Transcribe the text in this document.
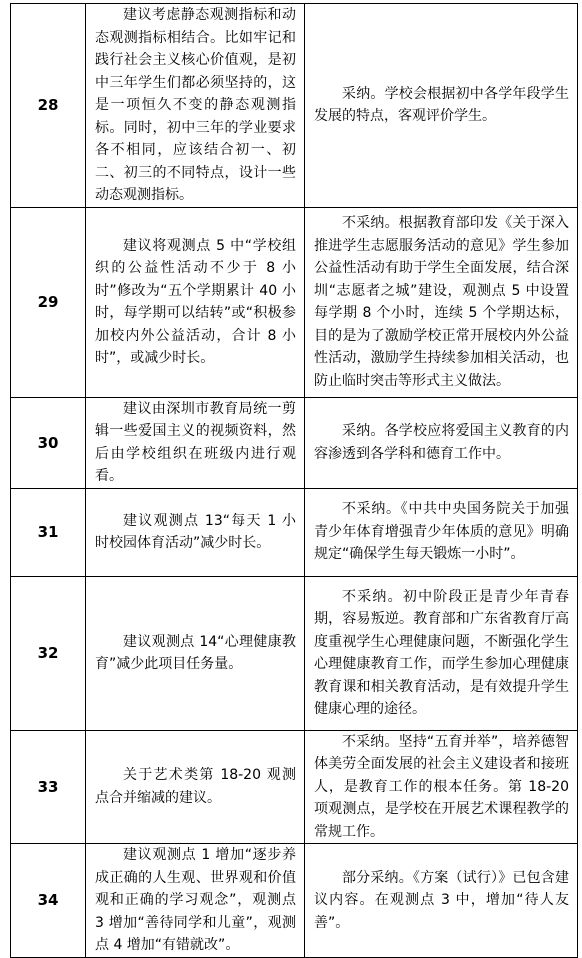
28	建议考虑静态观测指标和动态观测指标相结合。比如牢记和践行社会主义核心价值观，是初中三年学生们都必须坚持的，这是一项恒久不变的静态观测指标。同时，初中三年的学业要求各不相同，应该结合初一、初二、初三的不同特点，设计一些动态观测指标。	采纳。学校会根据初中各学年段学生发展的特点，客观评价学生。

29	建议将观测点 5 中“学校组织的公益性活动不少于 8 小时”修改为“五个学期累计 40 小时，每学期可以结转”或“积极参加校内外公益活动，合计 8 小时”，或减少时长。	不采纳。根据教育部印发《关于深入推进学生志愿服务活动的意见》学生参加公益性活动有助于学生全面发展，结合深圳“志愿者之城”建设，观测点 5 中设置每学期 8 个小时，连续 5 个学期达标，目的是为了激励学校正常开展校内外公益性活动，激励学生持续参加相关活动，也防止临时突击等形式主义做法。

30	建议由深圳市教育局统一剪辑一些爱国主义的视频资料，然后由学校组织在班级内进行观看。	采纳。各学校应将爱国主义教育的内容渗透到各学科和德育工作中。

31	建议观测点 13“每天 1 小时校园体育活动”减少时长。	不采纳。《中共中央国务院关于加强青少年体育增强青少年体质的意见》明确规定“确保学生每天锻炼一小时”。

32	建议观测点 14“心理健康教育”减少此项目任务量。	不采纳。初中阶段正是青少年青春期，容易叛逆。教育部和广东省教育厅高度重视学生心理健康问题，不断强化学生心理健康教育工作，而学生参加心理健康教育课和相关教育活动，是有效提升学生健康心理的途径。

33	关于艺术类第 18-20 观测点合并缩减的建议。	不采纳。坚持“五育并举”，培养德智体美劳全面发展的社会主义建设者和接班人，是教育工作的根本任务。第 18-20 项观测点，是学校在开展艺术课程教学的常规工作。

34	建议观测点 1 增加“逐步养成正确的人生观、世界观和价值观和正确的学习观念”，观测点 3 增加“善待同学和儿童”，观测点 4 增加“有错就改”。	部分采纳。《方案（试行）》已包含建议内容。在观测点 3 中，增加“待人友善”。
